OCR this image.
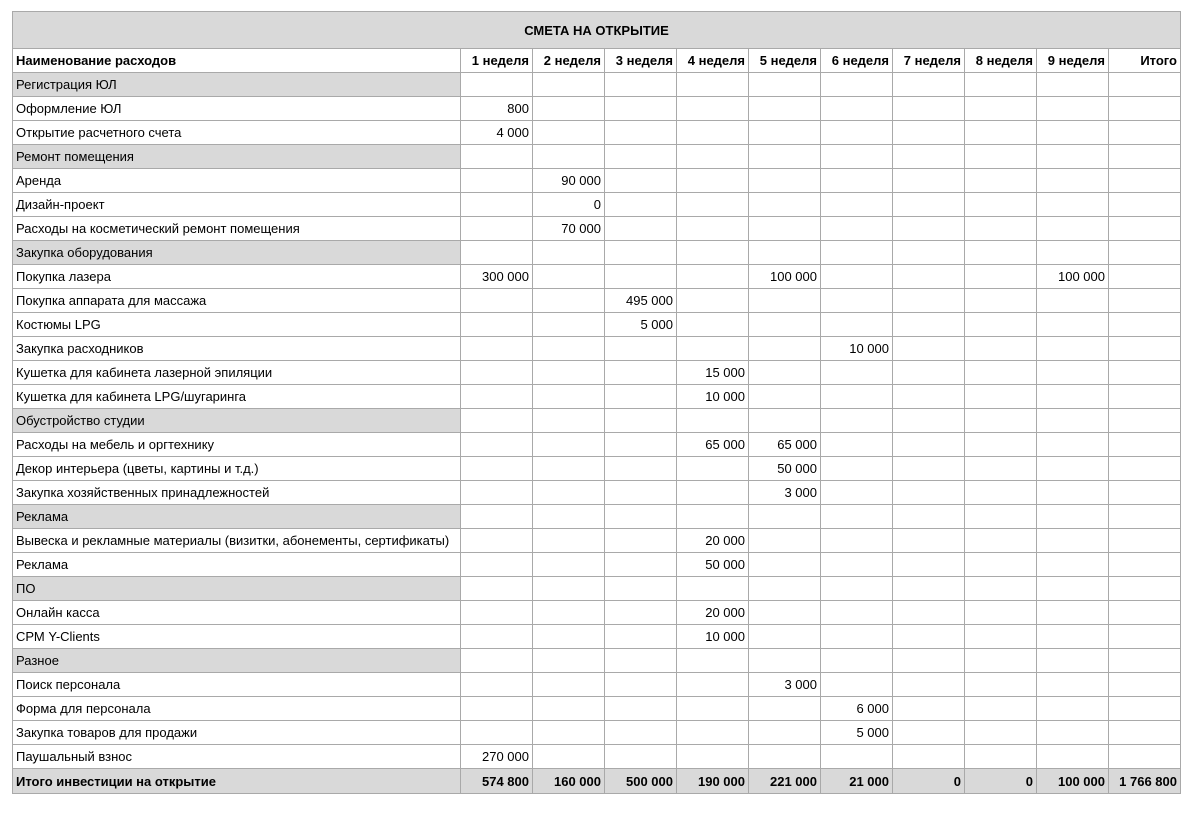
СМЕТА НА ОТКРЫТИЕ										
Наименование расходов	1 неделя	2 неделя	3 неделя	4 неделя	5 неделя	6 неделя	7 неделя	8 неделя	9 неделя	Итого
Регистрация ЮЛ										
Оформление ЮЛ	800									
Открытие расчетного счета	4 000									
Ремонт помещения										
Аренда		90 000								
Дизайн-проект		0								
Расходы на косметический ремонт помещения		70 000								
Закупка оборудования										
Покупка лазера	300 000				100 000				100 000	
Покупка аппарата для массажа			495 000							
Костюмы LPG			5 000							
Закупка расходников						10 000				
Кушетка для кабинета лазерной эпиляции				15 000						
Кушетка для кабинета LPG/шугаринга				10 000						
Обустройство студии										
Расходы на мебель и оргтехнику				65 000	65 000					
Декор интерьера (цветы, картины и т.д.)					50 000					
Закупка хозяйственных принадлежностей					3 000					
Реклама										
Вывеска и рекламные материалы (визитки, абонементы, сертификаты)				20 000						
Реклама				50 000						
ПО										
Онлайн касса				20 000						
СРМ Y-Clients				10 000						
Разное										
Поиск персонала					3 000					
Форма для персонала						6 000				
Закупка товаров для продажи						5 000				
Паушальный взнос	270 000									
Итого инвестиции на открытие	574 800	160 000	500 000	190 000	221 000	21 000	0	0	100 000	1 766 800
